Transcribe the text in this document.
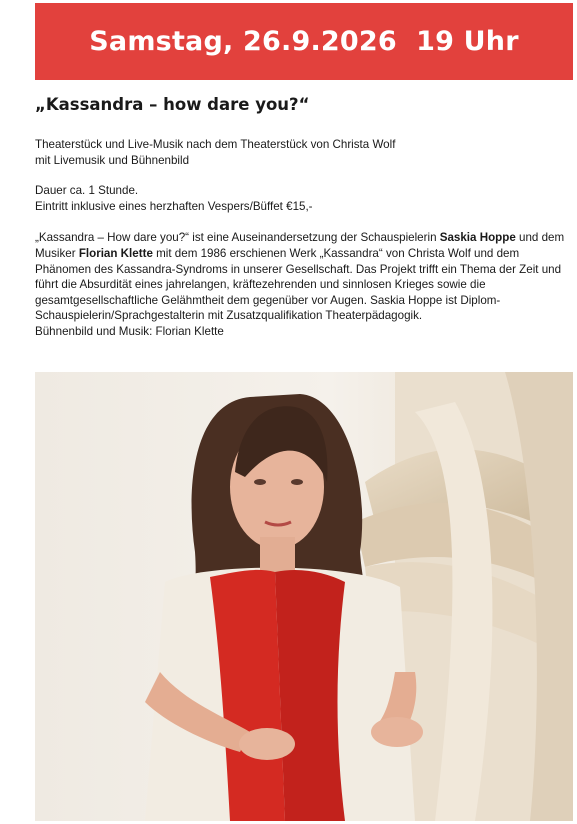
Samstag, 26.9.2026  19 Uhr
„Kassandra – how dare you?“

Theaterstück und Live-Musik nach dem Theaterstück von Christa Wolf
mit Livemusik und Bühnenbild

Dauer ca. 1 Stunde.
Eintritt inklusive eines herzhaften Vespers/Büffet €15,-

„Kassandra – How dare you?“ ist eine Auseinandersetzung der Schauspielerin Saskia Hoppe und dem Musiker Florian Klette mit dem 1986 erschienen Werk „Kassandra“ von Christa Wolf und dem Phänomen des Kassandra-Syndroms in unserer Gesellschaft. Das Projekt trifft ein Thema der Zeit und führt die Absurdität eines jahrelangen, kräftezehrenden und sinnlosen Krieges sowie die gesamtgesellschaftliche Gelähmtheit dem gegenüber vor Augen. Saskia Hoppe ist Diplom-Schauspielerin/Sprachgestalterin mit Zusatzqualifikation Theaterpädagogik.
Bühnenbild und Musik: Florian Klette
